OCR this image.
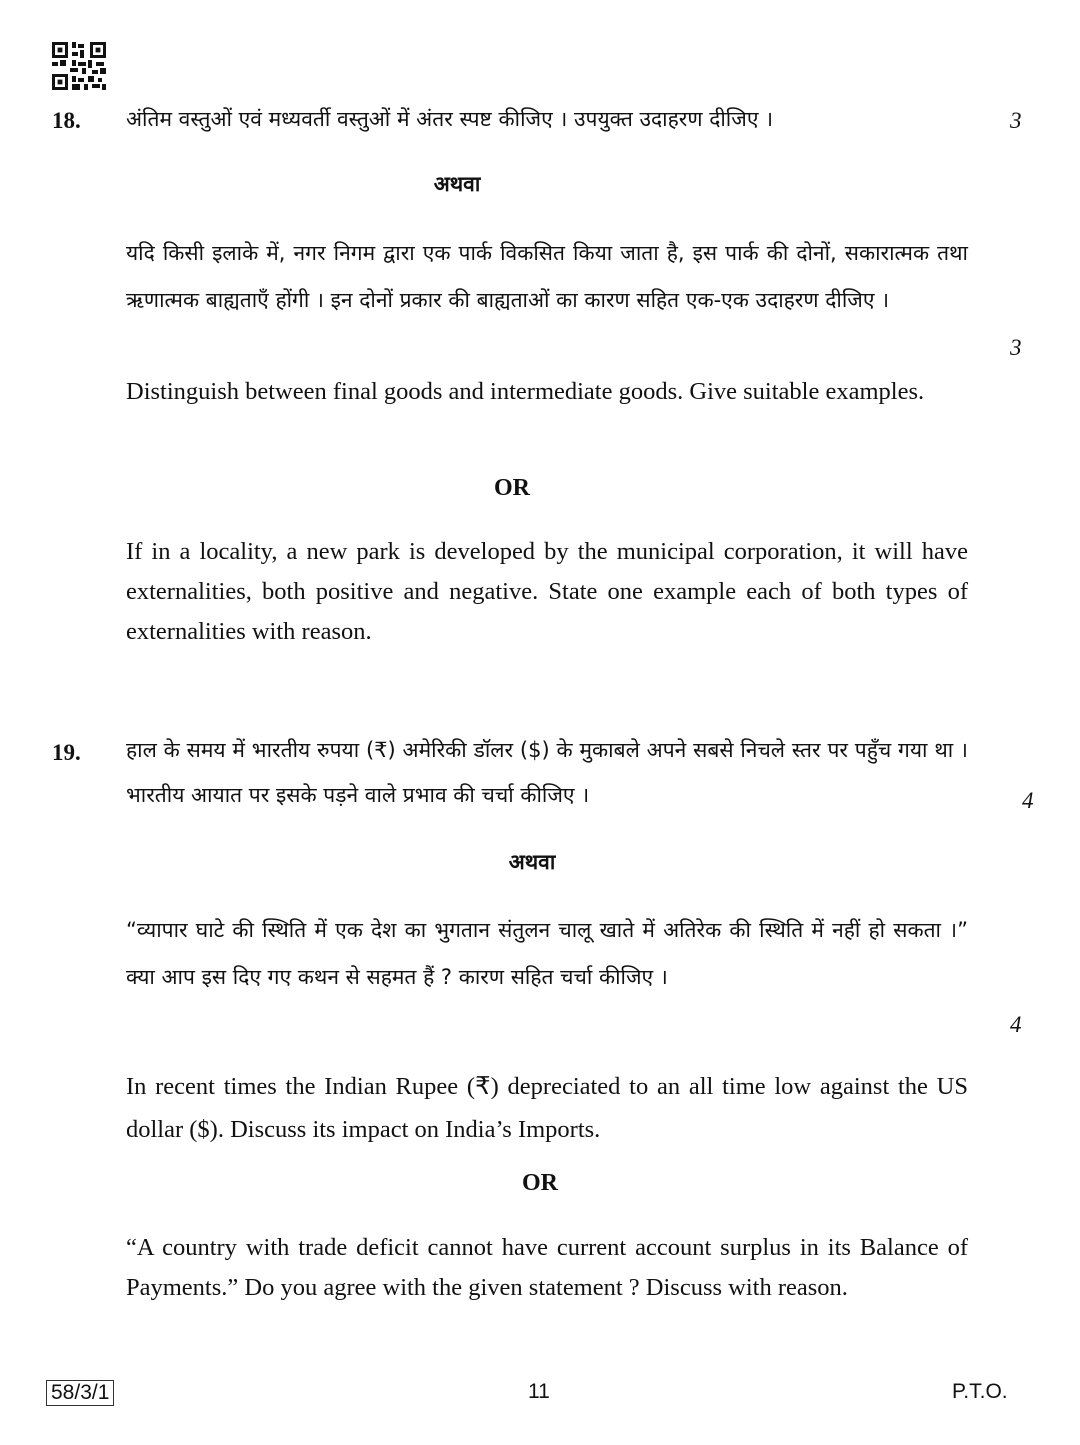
18. अंतिम वस्तुओं एवं मध्यवर्ती वस्तुओं में अंतर स्पष्ट कीजिए । उपयुक्त उदाहरण दीजिए ।	3
अथवा

यदि किसी इलाके में, नगर निगम द्वारा एक पार्क विकसित किया जाता है, इस पार्क की दोनों, सकारात्मक तथा ऋणात्मक बाह्यताएँ होंगी । इन दोनों प्रकार की बाह्यताओं का कारण सहित एक-एक उदाहरण दीजिए ।

3

Distinguish between final goods and intermediate goods. Give suitable examples.

OR

If in a locality, a new park is developed by the municipal corporation, it will have externalities, both positive and negative. State one example each of both types of externalities with reason.

19. हाल के समय में भारतीय रुपया (₹) अमेरिकी डॉलर ($) के मुकाबले अपने सबसे निचले स्तर पर पहुँच गया था । भारतीय आयात पर इसके पड़ने वाले प्रभाव की चर्चा कीजिए ।	4
अथवा

“व्यापार घाटे की स्थिति में एक देश का भुगतान संतुलन चालू खाते में अतिरेक की स्थिति में नहीं हो सकता ।” क्या आप इस दिए गए कथन से सहमत हैं ? कारण सहित चर्चा कीजिए ।

4

In recent times the Indian Rupee (₹) depreciated to an all time low against the US dollar ($). Discuss its impact on India’s Imports.

OR

“A country with trade deficit cannot have current account surplus in its Balance of Payments.” Do you agree with the given statement ? Discuss with reason.

58/3/1	11	P.T.O.
